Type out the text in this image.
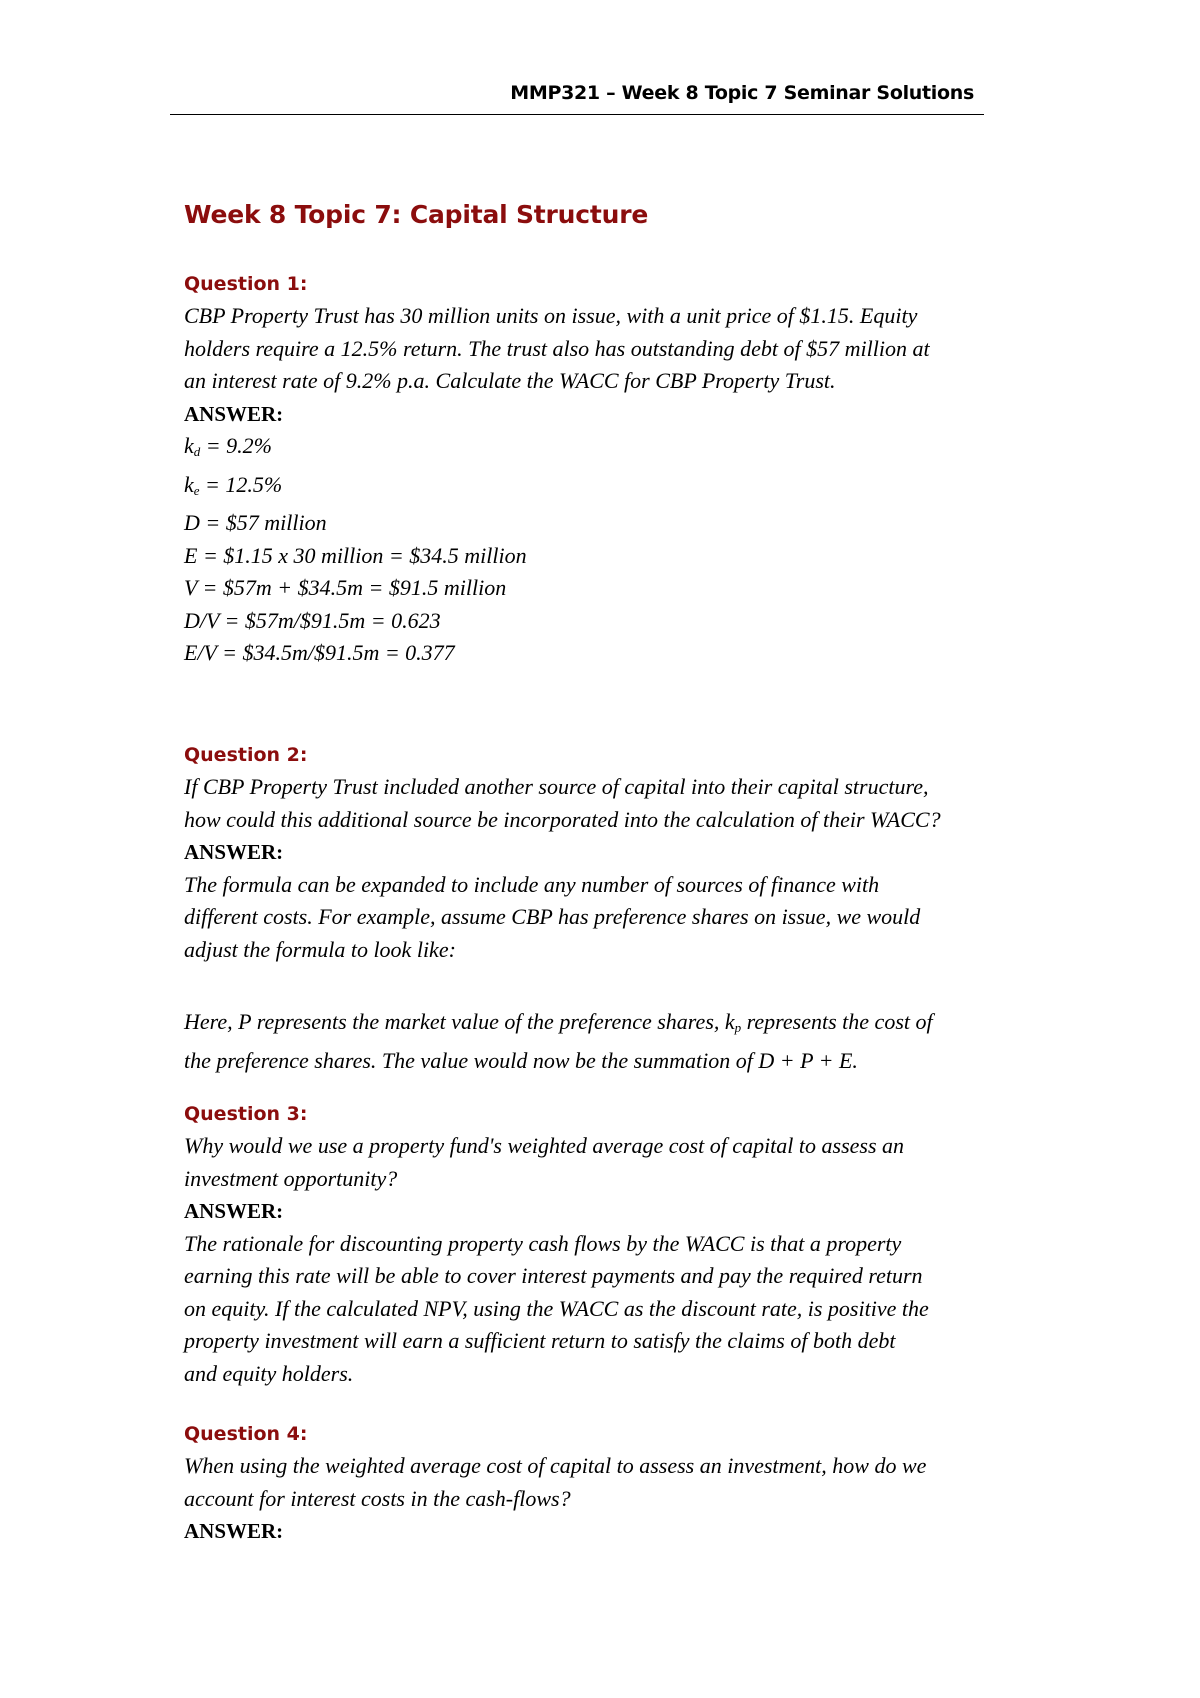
MMP321 – Week 8 Topic 7 Seminar Solutions
Week 8 Topic 7: Capital Structure
Question 1:
CBP Property Trust has 30 million units on issue, with a unit price of $1.15. Equity
holders require a 12.5% return. The trust also has outstanding debt of $57 million at
an interest rate of 9.2% p.a. Calculate the WACC for CBP Property Trust.
ANSWER:
$k_d = 9.2\%$
$k_e = 12.5\%$
D = $57 million
E = $1.15 x 30 million = $34.5 million
V = $57m + $34.5m = $91.5 million
D/V = $57m/$91.5m = 0.623
E/V = $34.5m/$91.5m = 0.377
Question 2:
If CBP Property Trust included another source of capital into their capital structure,
how could this additional source be incorporated into the calculation of their WACC?
ANSWER:
The formula can be expanded to include any number of sources of finance with
different costs. For example, assume CBP has preference shares on issue, we would
adjust the formula to look like:
Here, P represents the market value of the preference shares, $k_p$ represents the cost of
the preference shares. The value would now be the summation of D + P + E.
Question 3:
Why would we use a property fund's weighted average cost of capital to assess an
investment opportunity?
ANSWER:
The rationale for discounting property cash flows by the WACC is that a property
earning this rate will be able to cover interest payments and pay the required return
on equity. If the calculated NPV, using the WACC as the discount rate, is positive the
property investment will earn a sufficient return to satisfy the claims of both debt
and equity holders.
Question 4:
When using the weighted average cost of capital to assess an investment, how do we
account for interest costs in the cash-flows?
ANSWER:
